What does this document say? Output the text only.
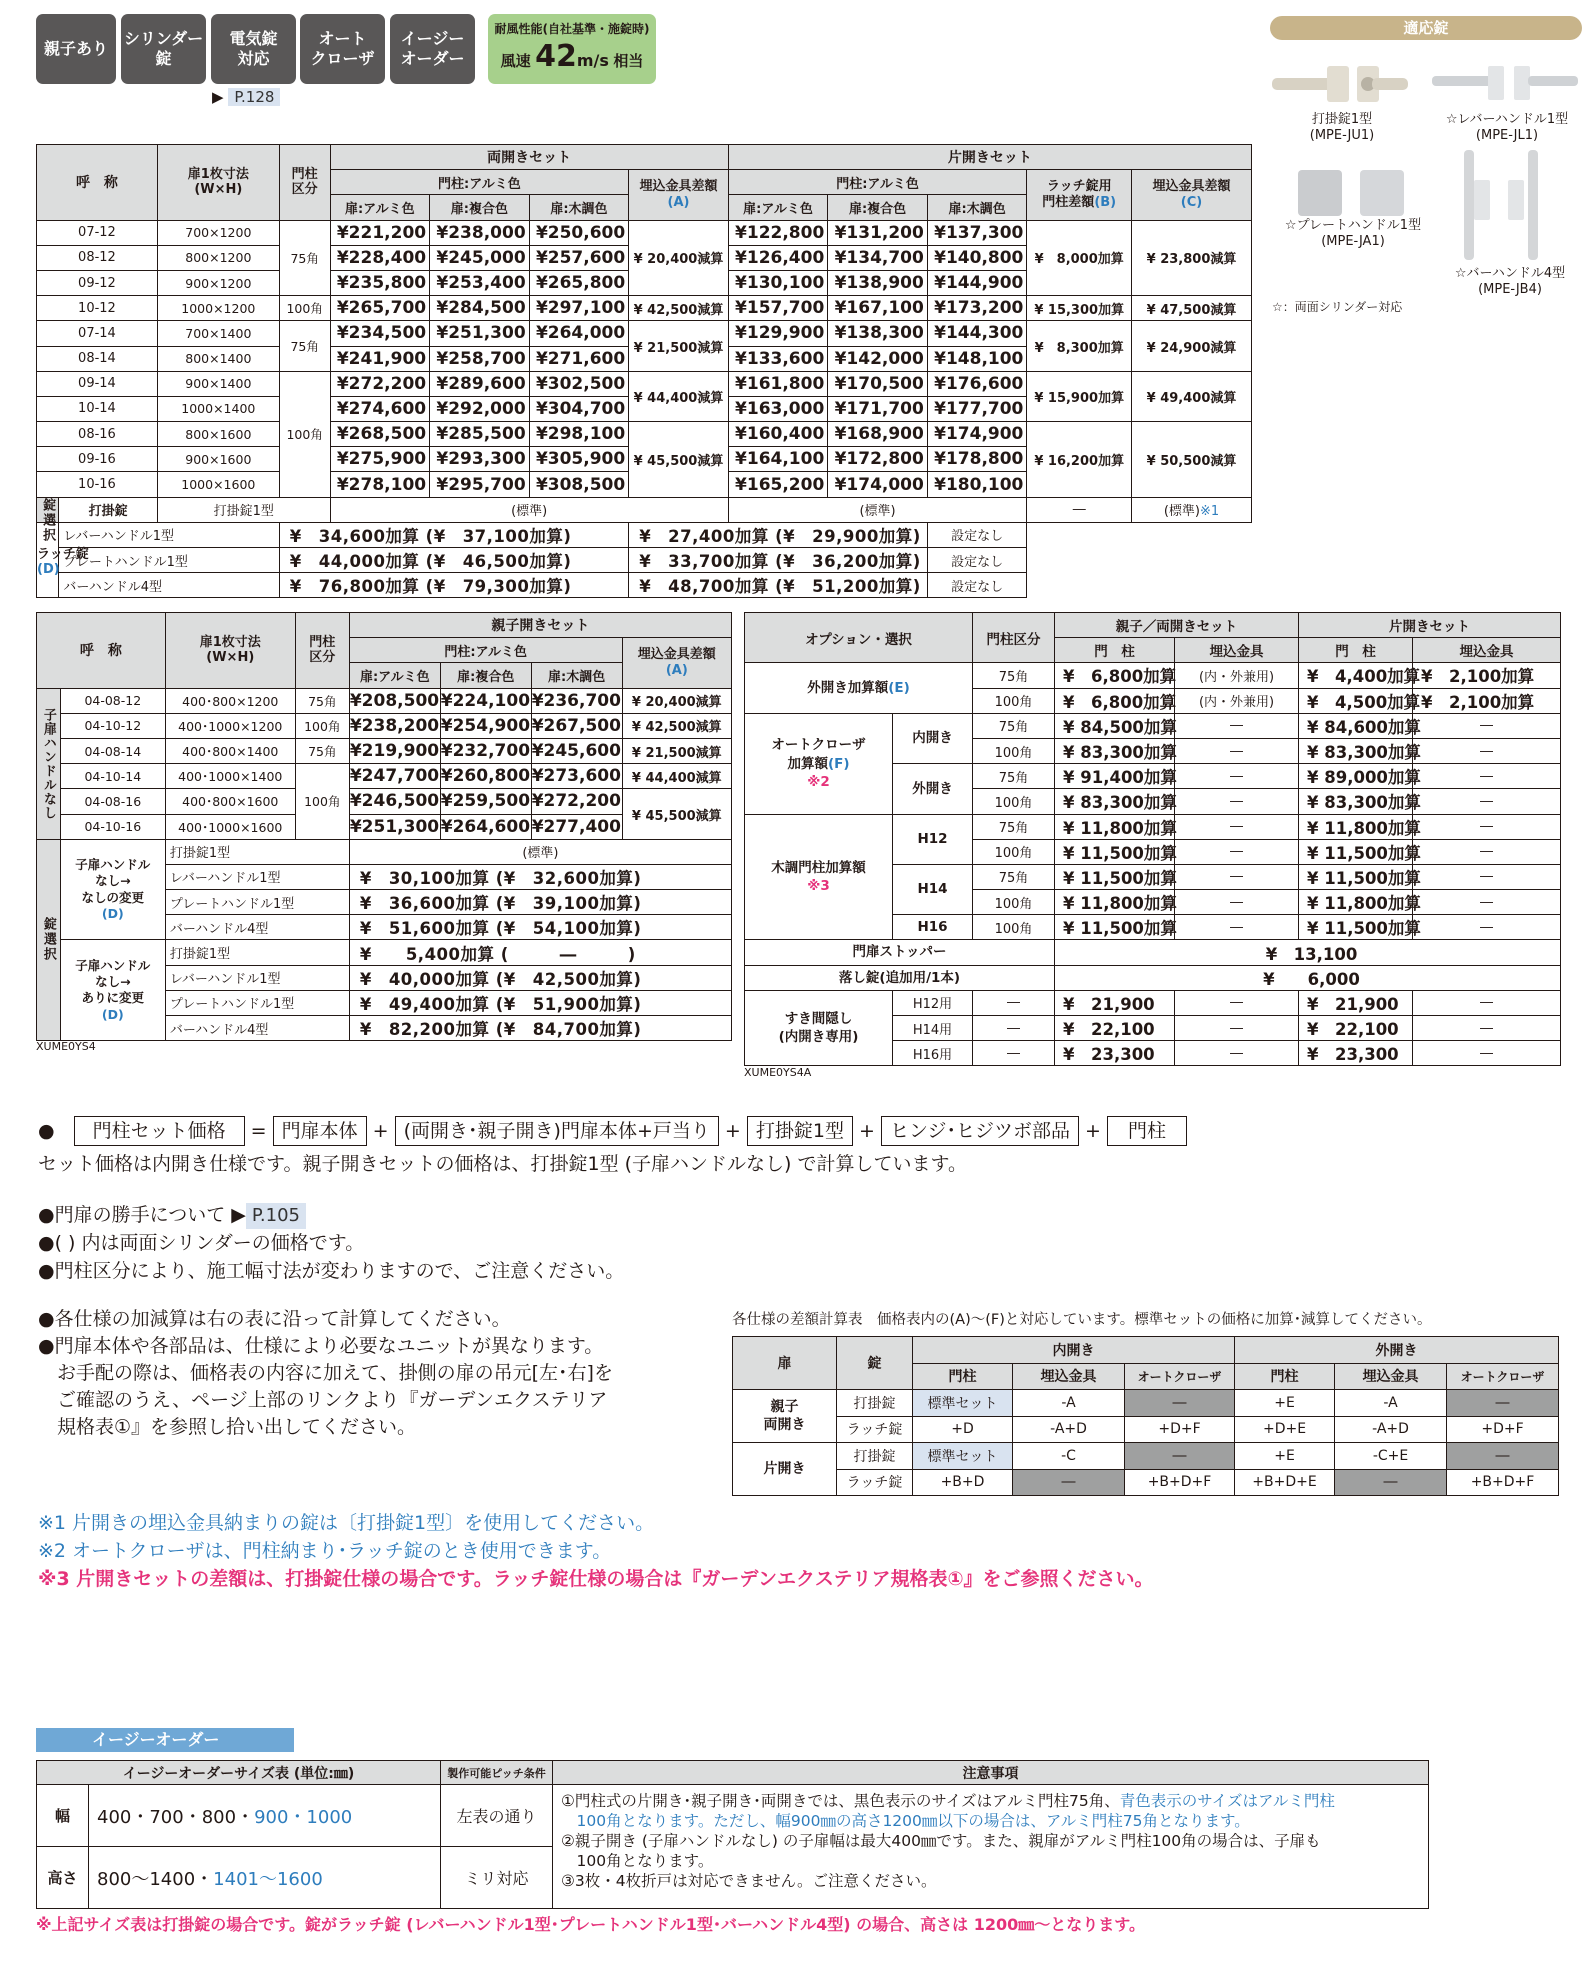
親子あり
シリンダー
錠
電気錠
対応
オート
クローザ
イージー
オーダー
耐風性能(自社基準・施錠時)
風速 42m/s 相当
▶ P.128
適応錠
打掛錠1型
(MPE-JU1)
☆レバーハンドル1型
(MPE-JL1)
☆プレートハンドル1型
(MPE-JA1)
☆バーハンドル4型
(MPE-JB4)
☆：両面シリンダー対応
呼　称		扉1枚寸法
(W×H)	門柱
区分	両開きセット				片開きセット				
				門柱:アルミ色			埋込金具差額
(A)	門柱:アルミ色			ラッチ錠用
門柱差額(B)	埋込金具差額
(C)
				扉:アルミ色	扉:複合色	扉:木調色		扉:アルミ色	扉:複合色	扉:木調色		
07-12		700×1200	75角	¥221,200	¥238,000	¥250,600	¥ 20,400減算	¥122,800	¥131,200	¥137,300	¥　8,000加算	¥ 23,800減算
08-12		800×1200		¥228,400	¥245,000	¥257,600		¥126,400	¥134,700	¥140,800		
09-12		900×1200		¥235,800	¥253,400	¥265,800		¥130,100	¥138,900	¥144,900		
10-12		1000×1200	100角	¥265,700	¥284,500	¥297,100	¥ 42,500減算	¥157,700	¥167,100	¥173,200	¥ 15,300加算	¥ 47,500減算
07-14		700×1400	75角	¥234,500	¥251,300	¥264,000	¥ 21,500減算	¥129,900	¥138,300	¥144,300	¥　8,300加算	¥ 24,900減算
08-14		800×1400		¥241,900	¥258,700	¥271,600		¥133,600	¥142,000	¥148,100		
09-14		900×1400	100角	¥272,200	¥289,600	¥302,500	¥ 44,400減算	¥161,800	¥170,500	¥176,600	¥ 15,900加算	¥ 49,400減算
10-14		1000×1400		¥274,600	¥292,000	¥304,700		¥163,000	¥171,700	¥177,700		
08-16		800×1600		¥268,500	¥285,500	¥298,100	¥ 45,500減算	¥160,400	¥168,900	¥174,900	¥ 16,200加算	¥ 50,500減算
09-16		900×1600		¥275,900	¥293,300	¥305,900		¥164,100	¥172,800	¥178,800		
10-16		1000×1600		¥278,100	¥295,700	¥308,500		¥165,200	¥174,000	¥180,100		
錠選択	打掛錠	打掛錠1型		(標準)				(標準)			―	(標準)※1

ラッチ錠
(D)	レバーハンドル1型		¥　34,600加算 (¥　37,100加算)				¥　27,400加算 (¥　29,900加算)			設定なし		
	プレートハンドル1型		¥　44,000加算 (¥　46,500加算)				¥　33,700加算 (¥　36,200加算)			設定なし		
	バーハンドル4型		¥　76,800加算 (¥　79,300加算)				¥　48,700加算 (¥　51,200加算)			設定なし		
呼　称		扉1枚寸法
(W×H)	門柱
区分	親子開きセット			
				門柱:アルミ色			埋込金具差額
(A)
				扉:アルミ色	扉:複合色	扉:木調色	
子扉ハンドルなし	04-08-12	400･800×1200	75角	¥208,500	¥224,100	¥236,700	¥ 20,400減算
	04-10-12	400･1000×1200	100角	¥238,200	¥254,900	¥267,500	¥ 42,500減算
	04-08-14	400･800×1400	75角	¥219,900	¥232,700	¥245,600	¥ 21,500減算
	04-10-14	400･1000×1400	100角	¥247,700	¥260,800	¥273,600	¥ 44,400減算
	04-08-16	400･800×1600		¥246,500	¥259,500	¥272,200	¥ 45,500減算
	04-10-16	400･1000×1600		¥251,300	¥264,600	¥277,400	
錠選択	子扉ハンドル
なし→
なしの変更
(D)	打掛錠1型		(標準)			
		レバーハンドル1型		¥　30,100加算 (¥　32,600加算)			
		プレートハンドル1型		¥　36,600加算 (¥　39,100加算)			
		バーハンドル4型		¥　51,600加算 (¥　54,100加算)			

	子扉ハンドル
なし→
ありに変更
(D)	打掛錠1型		¥　　5,400加算 (　　　―　　　)			
		レバーハンドル1型		¥　40,000加算 (¥　42,500加算)			
		プレートハンドル1型		¥　49,400加算 (¥　51,900加算)			
		バーハンドル4型		¥　82,200加算 (¥　84,700加算)			
XUME0YS4
オプション・選択		門柱区分	親子／両開きセット		片開きセット	
			門　柱	埋込金具	門　柱	埋込金具
外開き加算額(E)		75角	¥　6,800加算	(内・外兼用)	¥　4,400加算	¥　2,100加算
		100角	¥　6,800加算	(内・外兼用)	¥　4,500加算	¥　2,100加算
オートクローザ
加算額(F)
※2	内開き	75角	¥ 84,500加算	―	¥ 84,600加算	―
		100角	¥ 83,300加算	―	¥ 83,300加算	―
	外開き	75角	¥ 91,400加算	―	¥ 89,000加算	―
		100角	¥ 83,300加算	―	¥ 83,300加算	―

木調門柱加算額
※3	H12	75角	¥ 11,800加算	―	¥ 11,800加算	―
		100角	¥ 11,500加算	―	¥ 11,500加算	―
	H14	75角	¥ 11,500加算	―	¥ 11,500加算	―
		100角	¥ 11,800加算	―	¥ 11,800加算	―
	H16	100角	¥ 11,500加算	―	¥ 11,500加算	―
門扉ストッパー			¥　13,100			
落し錠(追加用/1本)			¥　　6,000			
すき間隠し
(内開き専用)	H12用	―	¥　21,900	―	¥　21,900	―
	H14用	―	¥　22,100	―	¥　22,100	―
	H16用	―	¥　23,300	―	¥　23,300	―
XUME0YS4A
●　門柱セット価格 = 門扉本体 + (両開き･親子開き)門扉本体+戸当り + 打掛錠1型 + ヒンジ･ヒジツボ部品 + 門柱
セット価格は内開き仕様です。親子開きセットの価格は、打掛錠1型 (子扉ハンドルなし) で計算しています。
●門扉の勝手について ▶ P.105
●( ) 内は両面シリンダーの価格です。
●門柱区分により、施工幅寸法が変わりますので、ご注意ください。
●各仕様の加減算は右の表に沿って計算してください。
●門扉本体や各部品は、仕様により必要なユニットが異なります。
　お手配の際は、価格表の内容に加えて、掛側の扉の吊元[左･右]を
　ご確認のうえ、ページ上部のリンクより『ガーデンエクステリア
　規格表①』を参照し拾い出してください。
各仕様の差額計算表　価格表内の(A)～(F)と対応しています。標準セットの価格に加算･減算してください。
扉	錠	内開き			外開き		
		門柱	埋込金具	オートクローザ	門柱	埋込金具	オートクローザ
親子
両開き	打掛錠	標準セット	-A	―	+E	-A	―
	ラッチ錠	+D	-A+D	+D+F	+D+E	-A+D	+D+F
片開き	打掛錠	標準セット	-C	―	+E	-C+E	―
	ラッチ錠	+B+D	―	+B+D+F	+B+D+E	―	+B+D+F
※1 片開きの埋込金具納まりの錠は〔打掛錠1型〕を使用してください。
※2 オートクローザは、門柱納まり･ラッチ錠のとき使用できます。
※3 片開きセットの差額は、打掛錠仕様の場合です。ラッチ錠仕様の場合は『ガーデンエクステリア規格表①』をご参照ください。
イージーオーダー
イージーオーダーサイズ表 (単位:㎜)		製作可能ピッチ条件	注意事項
幅	400・700・800・900・1000	左表の通り	①門柱式の片開き･親子開き･両開きでは、黒色表示のサイズはアルミ門柱75角、青色表示のサイズはアルミ門柱
　100角となります。ただし、幅900㎜の高さ1200㎜以下の場合は、アルミ門柱75角となります。
②親子開き (子扉ハンドルなし) の子扉幅は最大400㎜です。また、親扉がアルミ門柱100角の場合は、子扉も
　100角となります。
③3枚・4枚折戸は対応できません。ご注意ください。

高さ	800～1400・1401～1600	ミリ対応	
※上記サイズ表は打掛錠の場合です。錠がラッチ錠 (レバーハンドル1型･プレートハンドル1型･バーハンドル4型) の場合、高さは 1200㎜～となります。
